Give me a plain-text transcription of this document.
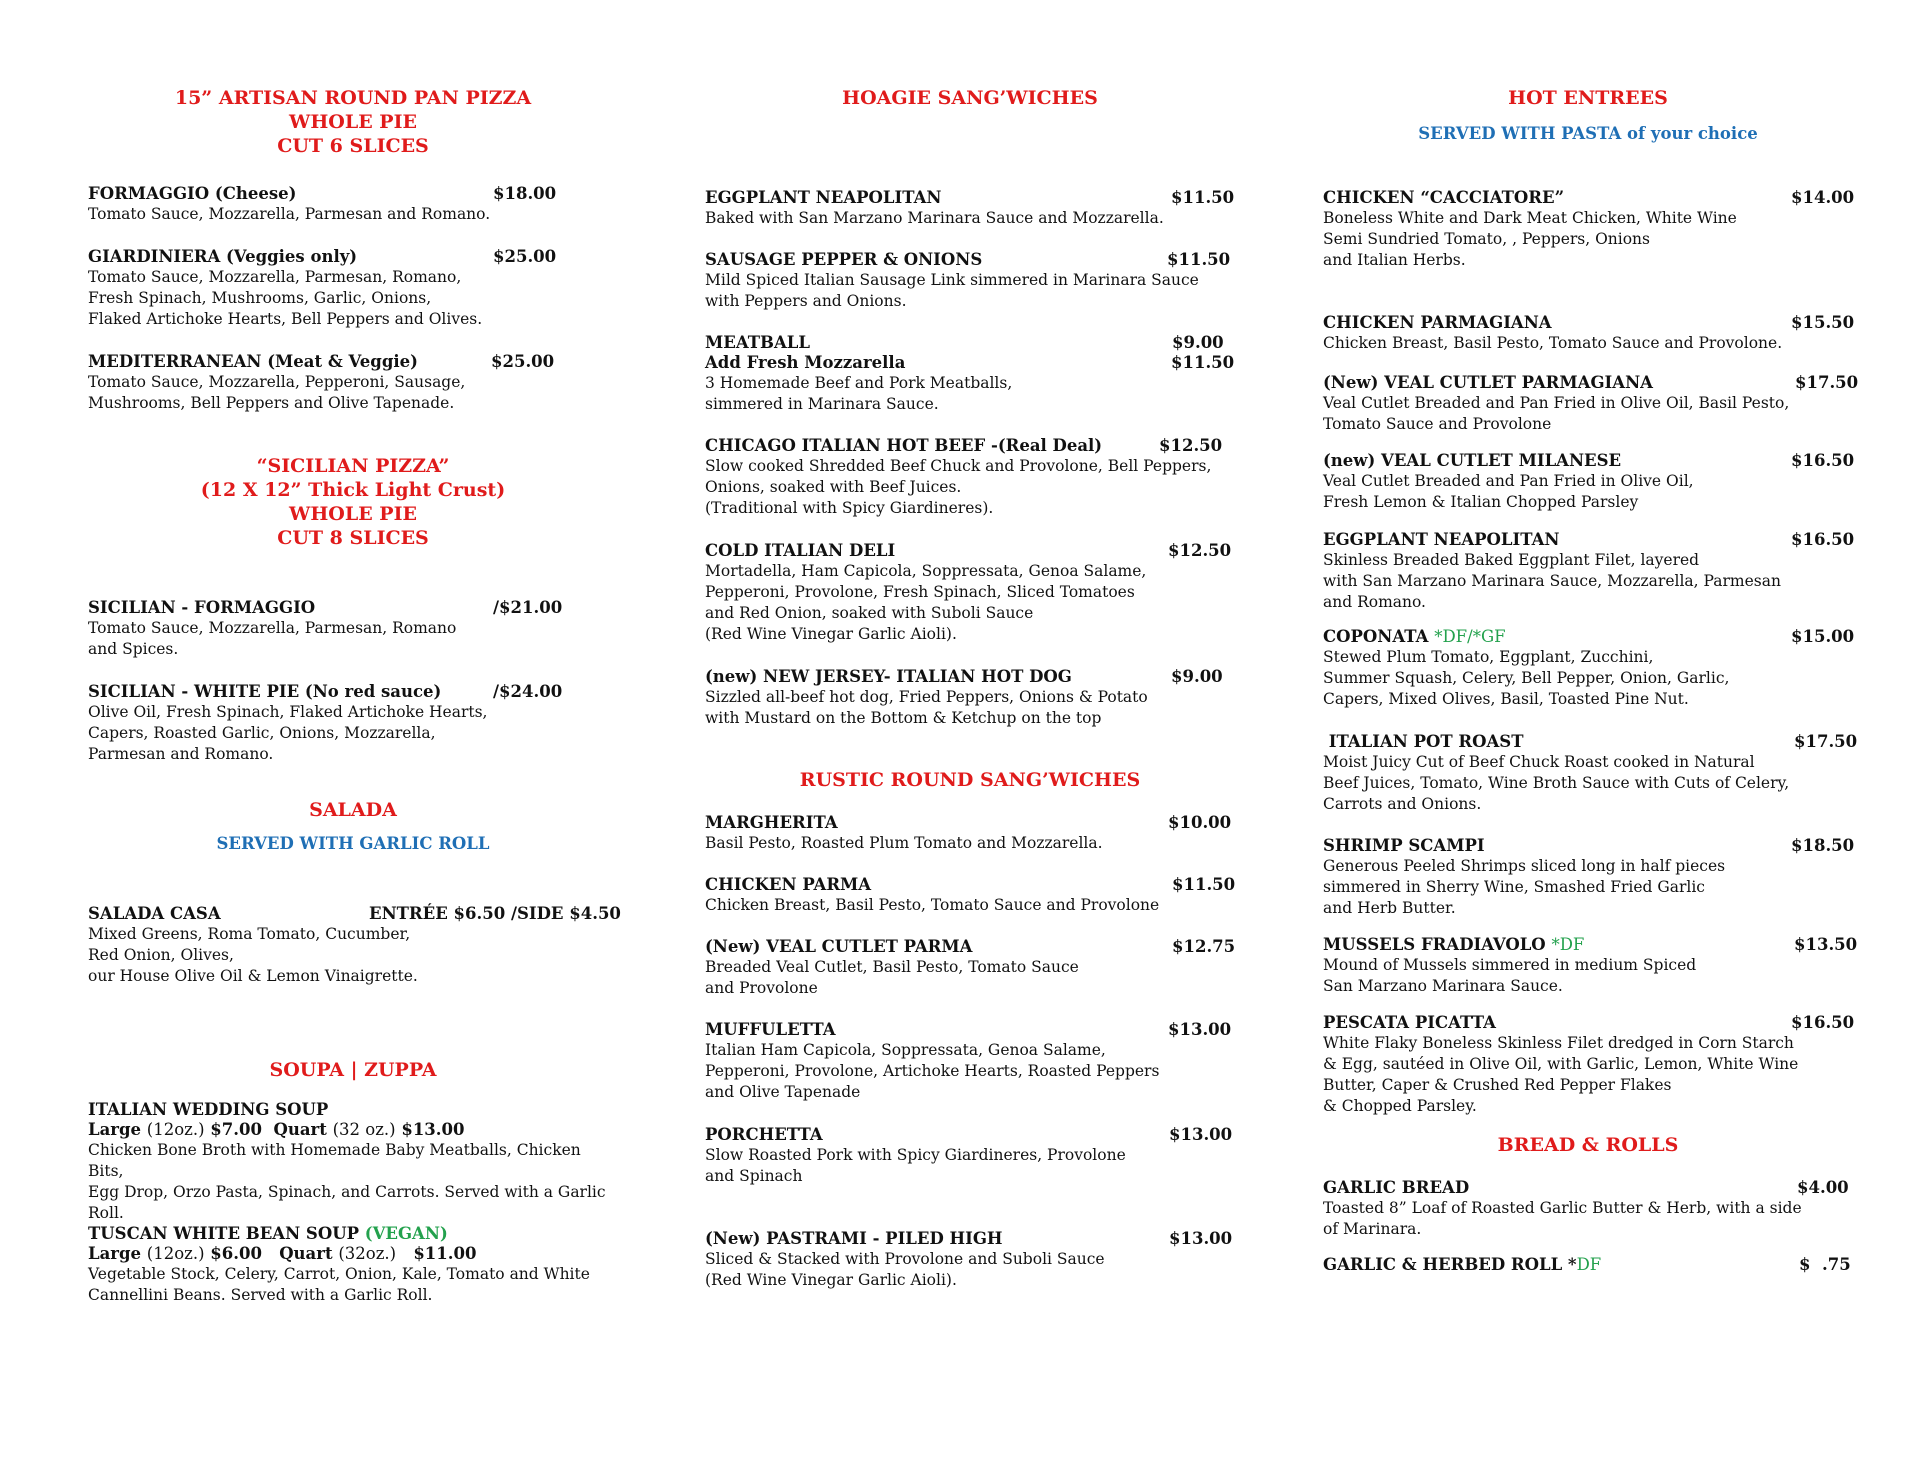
15” ARTISAN ROUND PAN PIZZA
WHOLE PIE
CUT 6 SLICES
FORMAGGIO (Cheese)	$18.00
Tomato Sauce, Mozzarella, Parmesan and Romano.
GIARDINIERA (Veggies only)	$25.00
Tomato Sauce, Mozzarella, Parmesan, Romano,
Fresh Spinach, Mushrooms, Garlic, Onions,
Flaked Artichoke Hearts, Bell Peppers and Olives.
MEDITERRANEAN (Meat & Veggie)	$25.00
Tomato Sauce, Mozzarella, Pepperoni, Sausage,
Mushrooms, Bell Peppers and Olive Tapenade.
“SICILIAN PIZZA”
(12 X 12” Thick Light Crust)
WHOLE PIE
CUT 8 SLICES
SICILIAN - FORMAGGIO	/$21.00
Tomato Sauce, Mozzarella, Parmesan, Romano
and Spices.
SICILIAN - WHITE PIE (No red sauce)	/$24.00
Olive Oil, Fresh Spinach, Flaked Artichoke Hearts,
Capers, Roasted Garlic, Onions, Mozzarella,
Parmesan and Romano.
SALADA
SERVED WITH GARLIC ROLL
SALADA CASA	ENTRÉE $6.50 /SIDE $4.50
Mixed Greens, Roma Tomato, Cucumber,
Red Onion, Olives,
our House Olive Oil & Lemon Vinaigrette.
SOUPA | ZUPPA
ITALIAN WEDDING SOUP
Large (12oz.) $7.00 Quart (32 oz.) $13.00
Chicken Bone Broth with Homemade Baby Meatballs, Chicken Bits,
Egg Drop, Orzo Pasta, Spinach, and Carrots. Served with a Garlic
Roll.
TUSCAN WHITE BEAN SOUP (VEGAN)
Large (12oz.) $6.00 Quart (32oz.) $11.00
Vegetable Stock, Celery, Carrot, Onion, Kale, Tomato and White
Cannellini Beans. Served with a Garlic Roll.
HOAGIE SANG’WICHES
EGGPLANT NEAPOLITAN	$11.50
Baked with San Marzano Marinara Sauce and Mozzarella.
SAUSAGE PEPPER & ONIONS	$11.50
Mild Spiced Italian Sausage Link simmered in Marinara Sauce
with Peppers and Onions.
MEATBALL	$9.00
Add Fresh Mozzarella	$11.50
3 Homemade Beef and Pork Meatballs,
simmered in Marinara Sauce.
CHICAGO ITALIAN HOT BEEF -(Real Deal)	$12.50
Slow cooked Shredded Beef Chuck and Provolone, Bell Peppers,
Onions, soaked with Beef Juices.
(Traditional with Spicy Giardineres).
COLD ITALIAN DELI	$12.50
Mortadella, Ham Capicola, Soppressata, Genoa Salame,
Pepperoni, Provolone, Fresh Spinach, Sliced Tomatoes
and Red Onion, soaked with Suboli Sauce
(Red Wine Vinegar Garlic Aioli).
(new) NEW JERSEY- ITALIAN HOT DOG	$9.00
Sizzled all-beef hot dog, Fried Peppers, Onions & Potato
with Mustard on the Bottom & Ketchup on the top
RUSTIC ROUND SANG’WICHES
MARGHERITA	$10.00
Basil Pesto, Roasted Plum Tomato and Mozzarella.
CHICKEN PARMA	$11.50
Chicken Breast, Basil Pesto, Tomato Sauce and Provolone
(New) VEAL CUTLET PARMA	$12.75
Breaded Veal Cutlet, Basil Pesto, Tomato Sauce
and Provolone
MUFFULETTA	$13.00
Italian Ham Capicola, Soppressata, Genoa Salame,
Pepperoni, Provolone, Artichoke Hearts, Roasted Peppers
and Olive Tapenade
PORCHETTA	$13.00
Slow Roasted Pork with Spicy Giardineres, Provolone
and Spinach
(New) PASTRAMI - PILED HIGH	$13.00
Sliced & Stacked with Provolone and Suboli Sauce
(Red Wine Vinegar Garlic Aioli).
HOT ENTREES
SERVED WITH PASTA of your choice
CHICKEN “CACCIATORE”	$14.00
Boneless White and Dark Meat Chicken, White Wine
Semi Sundried Tomato, , Peppers, Onions
and Italian Herbs.
CHICKEN PARMAGIANA	$15.50
Chicken Breast, Basil Pesto, Tomato Sauce and Provolone.
(New) VEAL CUTLET PARMAGIANA	$17.50
Veal Cutlet Breaded and Pan Fried in Olive Oil, Basil Pesto,
Tomato Sauce and Provolone
(new) VEAL CUTLET MILANESE	$16.50
Veal Cutlet Breaded and Pan Fried in Olive Oil,
Fresh Lemon & Italian Chopped Parsley
EGGPLANT NEAPOLITAN	$16.50
Skinless Breaded Baked Eggplant Filet, layered
with San Marzano Marinara Sauce, Mozzarella, Parmesan
and Romano.
COPONATA *DF/*GF	$15.00
Stewed Plum Tomato, Eggplant, Zucchini,
Summer Squash, Celery, Bell Pepper, Onion, Garlic,
Capers, Mixed Olives, Basil, Toasted Pine Nut.
ITALIAN POT ROAST	$17.50
Moist Juicy Cut of Beef Chuck Roast cooked in Natural
Beef Juices, Tomato, Wine Broth Sauce with Cuts of Celery,
Carrots and Onions.
SHRIMP SCAMPI	$18.50
Generous Peeled Shrimps sliced long in half pieces
simmered in Sherry Wine, Smashed Fried Garlic
and Herb Butter.
MUSSELS FRADIAVOLO *DF	$13.50
Mound of Mussels simmered in medium Spiced
San Marzano Marinara Sauce.
PESCATA PICATTA	$16.50
White Flaky Boneless Skinless Filet dredged in Corn Starch
& Egg, sautéed in Olive Oil, with Garlic, Lemon, White Wine
Butter, Caper & Crushed Red Pepper Flakes
& Chopped Parsley.
BREAD & ROLLS
GARLIC BREAD	$4.00
Toasted 8” Loaf of Roasted Garlic Butter & Herb, with a side
of Marinara.
GARLIC & HERBED ROLL *DF	$  .75
